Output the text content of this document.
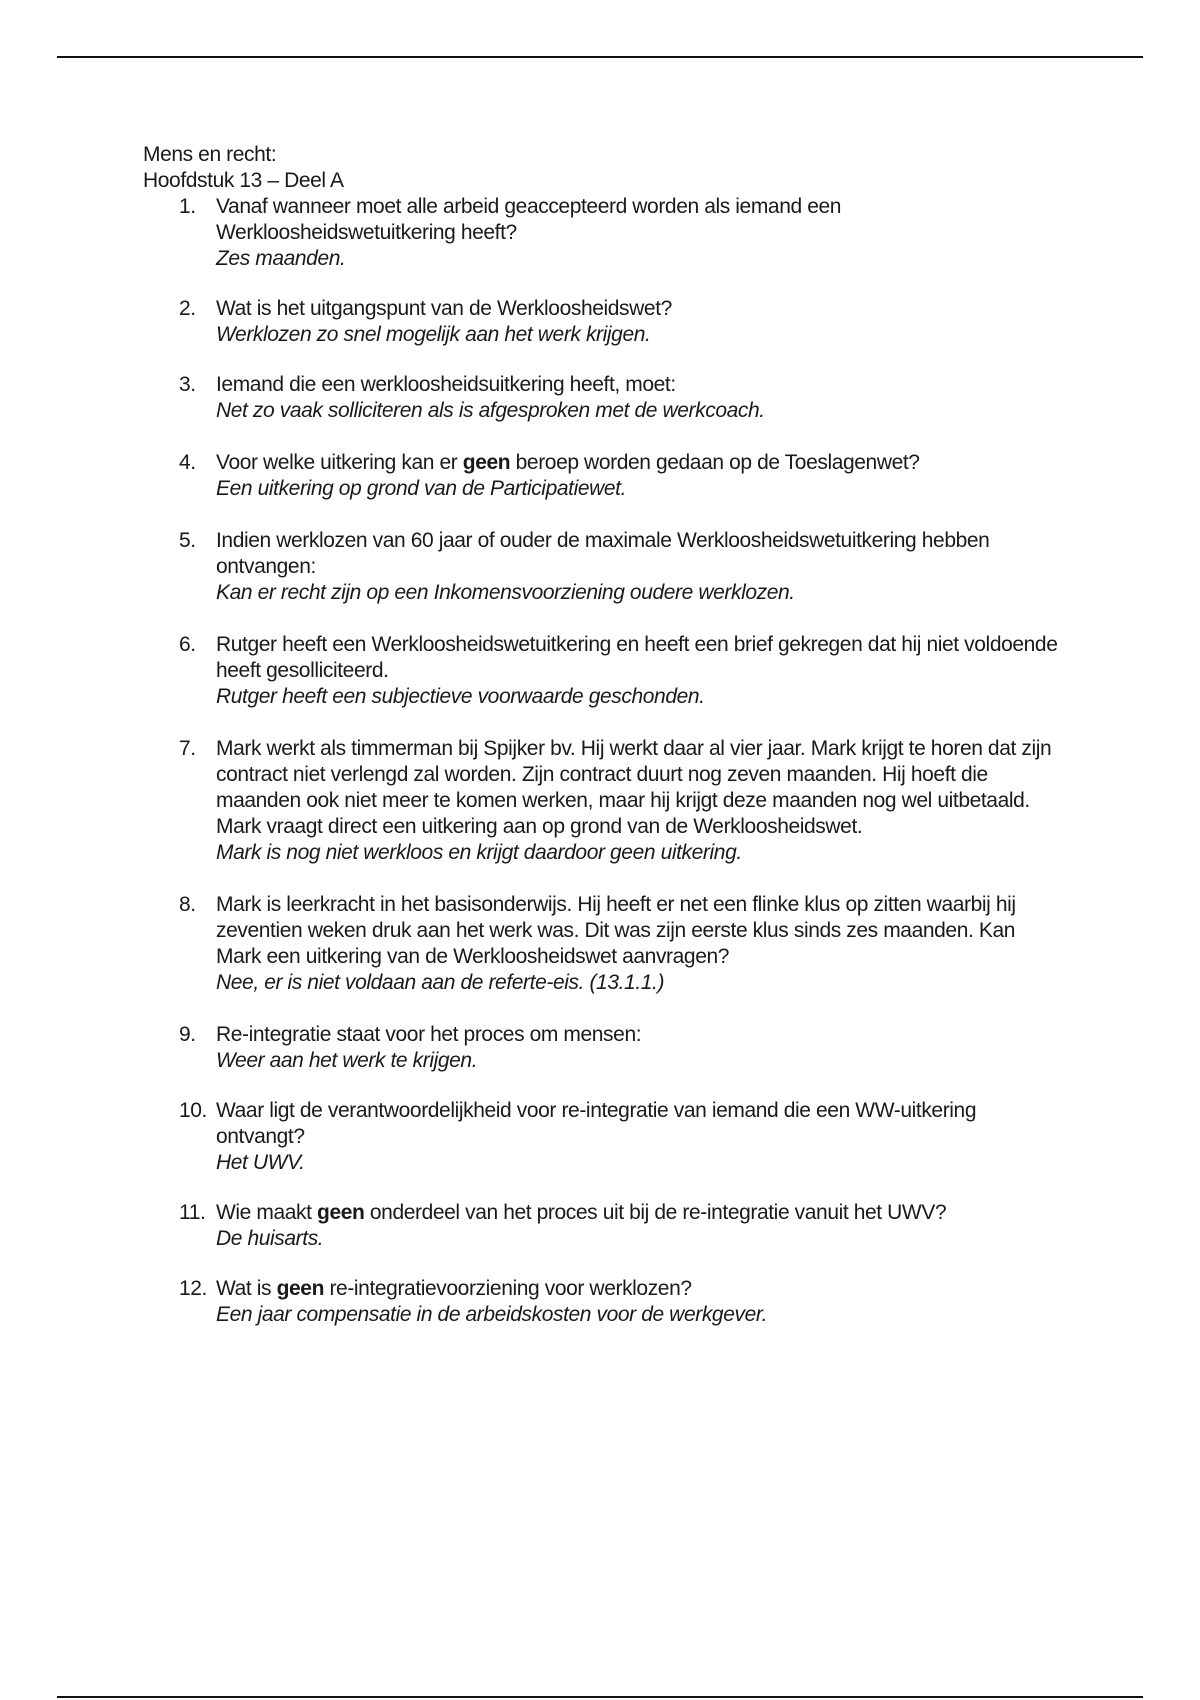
Mens en recht:
Hoofdstuk 13 – Deel A
1. Vanaf wanneer moet alle arbeid geaccepteerd worden als iemand een Werkloosheidswetuitkering heeft?
Zes maanden.
2. Wat is het uitgangspunt van de Werkloosheidswet?
Werklozen zo snel mogelijk aan het werk krijgen.
3. Iemand die een werkloosheidsuitkering heeft, moet:
Net zo vaak solliciteren als is afgesproken met de werkcoach.
4. Voor welke uitkering kan er geen beroep worden gedaan op de Toeslagenwet?
Een uitkering op grond van de Participatiewet.
5. Indien werklozen van 60 jaar of ouder de maximale Werkloosheidswetuitkering hebben ontvangen:
Kan er recht zijn op een Inkomensvoorziening oudere werklozen.
6. Rutger heeft een Werkloosheidswetuitkering en heeft een brief gekregen dat hij niet voldoende heeft gesolliciteerd.
Rutger heeft een subjectieve voorwaarde geschonden.
7. Mark werkt als timmerman bij Spijker bv. Hij werkt daar al vier jaar. Mark krijgt te horen dat zijn contract niet verlengd zal worden. Zijn contract duurt nog zeven maanden. Hij hoeft die maanden ook niet meer te komen werken, maar hij krijgt deze maanden nog wel uitbetaald. Mark vraagt direct een uitkering aan op grond van de Werkloosheidswet.
Mark is nog niet werkloos en krijgt daardoor geen uitkering.
8. Mark is leerkracht in het basisonderwijs. Hij heeft er net een flinke klus op zitten waarbij hij zeventien weken druk aan het werk was. Dit was zijn eerste klus sinds zes maanden. Kan Mark een uitkering van de Werkloosheidswet aanvragen?
Nee, er is niet voldaan aan de referte-eis. (13.1.1.)
9. Re-integratie staat voor het proces om mensen:
Weer aan het werk te krijgen.
10. Waar ligt de verantwoordelijkheid voor re-integratie van iemand die een WW-uitkering ontvangt?
Het UWV.
11. Wie maakt geen onderdeel van het proces uit bij de re-integratie vanuit het UWV?
De huisarts.
12. Wat is geen re-integratievoorziening voor werklozen?
Een jaar compensatie in de arbeidskosten voor de werkgever.
